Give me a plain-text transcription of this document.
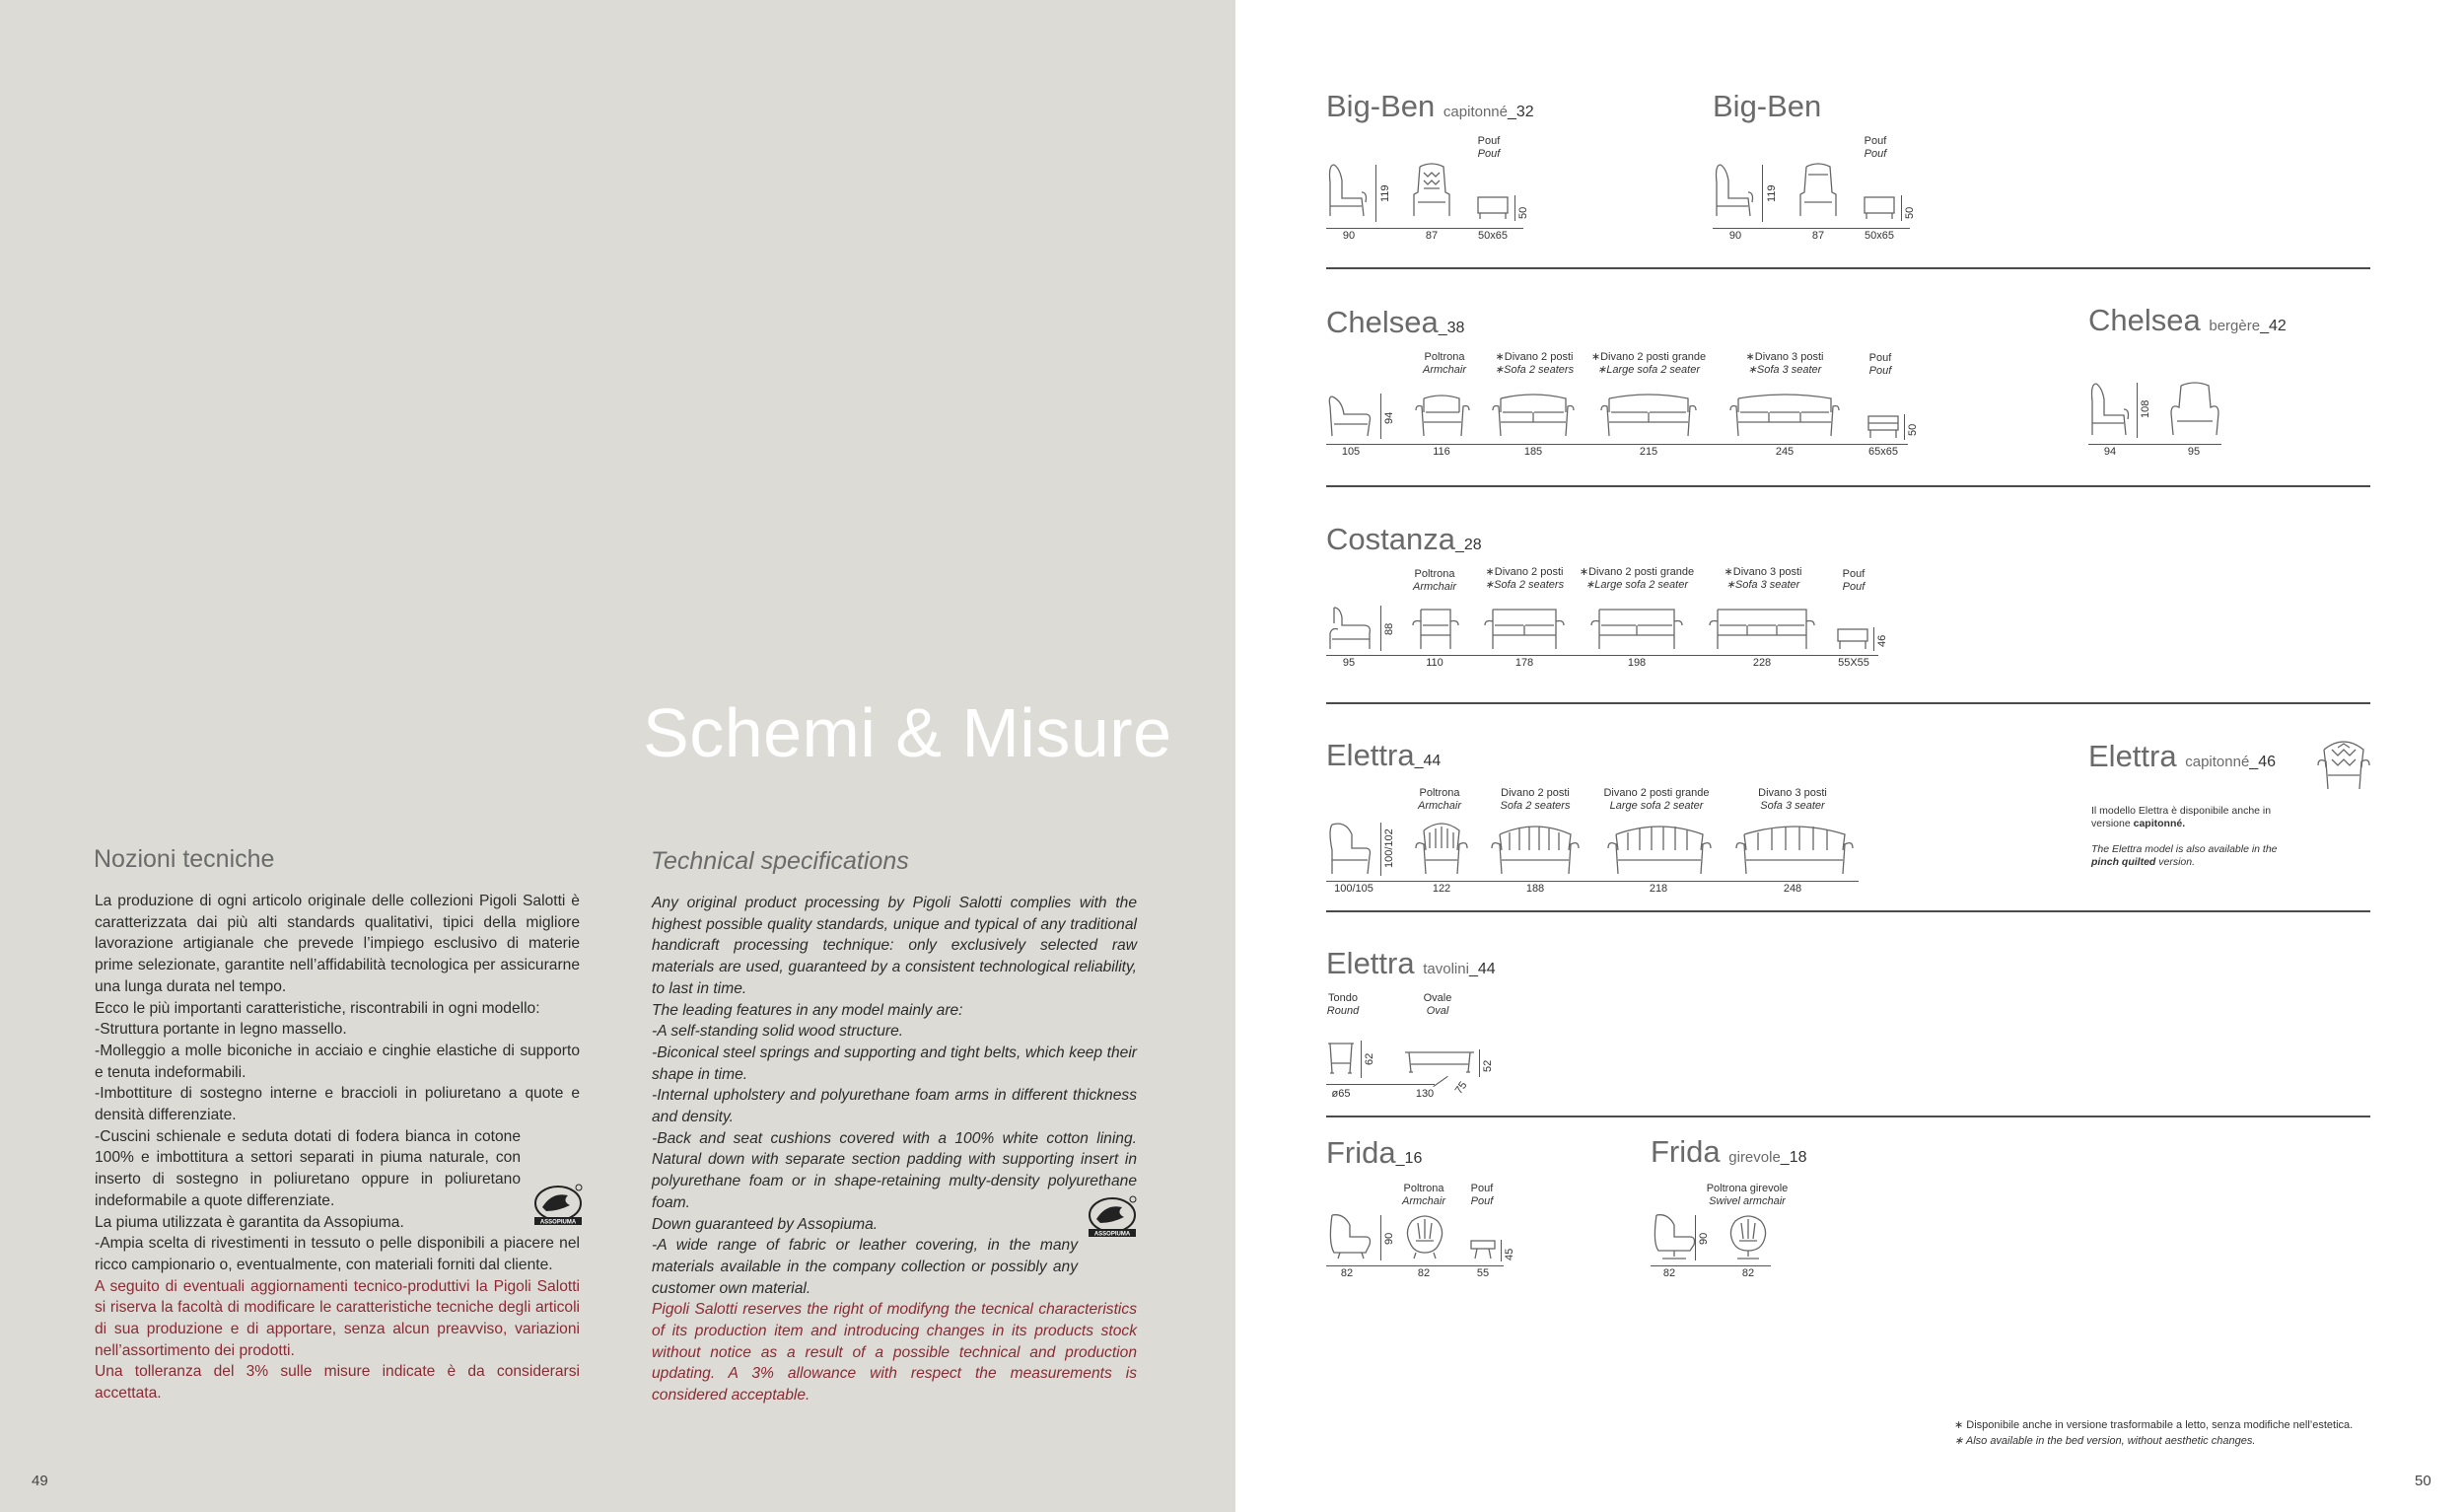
Schemi & Misure
Nozioni tecniche	Technical specifications

La produzione di ogni articolo originale delle collezioni Pigoli Salotti è caratterizzata dai più alti standards qualitativi, tipici della migliore lavorazione artigianale che prevede l’impiego esclusivo di materie prime selezionate, garantite nell’affidabilità tecnologica per assicurarne una lunga durata nel tempo.

Ecco le più importanti caratteristiche, riscontrabili in ogni modello:

-Struttura portante in legno massello.

-Molleggio a molle biconiche in acciaio e cinghie elastiche di supporto e tenuta indeformabili.

-Imbottiture di sostegno interne e braccioli in poliuretano a quote e densità differenziate.

-Cuscini schienale e seduta dotati di fodera bianca in cotone 100% e imbottitura a settori separati in piuma naturale, con inserto di sostegno in poliuretano oppure in poliuretano indeformabile a quote differenziate.

La piuma utilizzata è garantita da Assopiuma.

-Ampia scelta di rivestimenti in tessuto o pelle disponibili a piacere nel ricco campionario o, eventualmente, con materiali forniti dal cliente.

A seguito di eventuali aggiornamenti tecnico-produttivi la Pigoli Salotti si riserva la facoltà di modificare le caratteristiche tecniche degli articoli di sua produzione e di apportare, senza alcun preavviso, variazioni nell’assortimento dei prodotti.

Una tolleranza del 3% sulle misure indicate è da considerarsi accettata.

Any original product processing by Pigoli Salotti complies with the highest possible quality standards, unique and typical of any traditional handicraft processing technique: only exclusively selected raw materials are used, guaranteed by a consistent technological reliability, to last in time.

The leading features in any model mainly are:

-A self-standing solid wood structure.

-Biconical steel springs and supporting and tight belts, which keep their shape in time.

-Internal upholstery and polyurethane foam arms in different thickness and density.

-Back and seat cushions covered with a 100% white cotton lining. Natural down with separate section padding with supporting insert in polyurethane foam or in shape-retaining multy-density polyurethane foam.

Down guaranteed by Assopiuma.

-A wide range of fabric or leather covering, in the many materials available in the company collection or possibly any customer own material.

Pigoli Salotti reserves the right of modifyng the tecnical characteristics of its production item and introducing changes in its products stock without notice as a result of a possible technical and production updating. A 3% allowance with respect the measurements is considered acceptable.

ASSOPIUMA
ASSOPIUMA
49
Big-Ben capitonné_32
Pouf
Pouf
119
50
90	87	50x65
Big-Ben
Pouf
Pouf
119
50
90	87	50x65
Chelsea_38
Poltrona
Armchair
∗Divano 2 posti
∗Sofa 2 seaters
∗Divano 2 posti grande
∗Large sofa 2 seater
∗Divano 3 posti
∗Sofa 3 seater
Pouf
Pouf
94
50
105	116	185	215	245	65x65
Chelsea bergère_42
108
94	95
Costanza_28
Poltrona
Armchair
∗Divano 2 posti
∗Sofa 2 seaters
∗Divano 2 posti grande
∗Large sofa 2 seater
∗Divano 3 posti
∗Sofa 3 seater
Pouf
Pouf
88
46
95	110	178	198	228	55X55
Elettra_44
Poltrona
Armchair
Divano 2 posti
Sofa 2 seaters
Divano 2 posti grande
Large sofa 2 seater
Divano 3 posti
Sofa 3 seater
100/102
100/105	122	188	218	248
Elettra capitonné_46
Il modello Elettra è disponibile anche in versione capitonné.
The Elettra model is also available in the pinch quilted version.
Elettra tavolini_44
Tondo
Round
Ovale
Oval
62
52
ø65	130 75
Frida_16
Poltrona
Armchair
Pouf
Pouf
90
45
82	82	55
Frida girevole_18
Poltrona girevole
Swivel armchair
90
82	82
∗ Disponibile anche in versione trasformabile a letto, senza modifiche nell’estetica.
∗ Also available in the bed version, without aesthetic changes.
50
